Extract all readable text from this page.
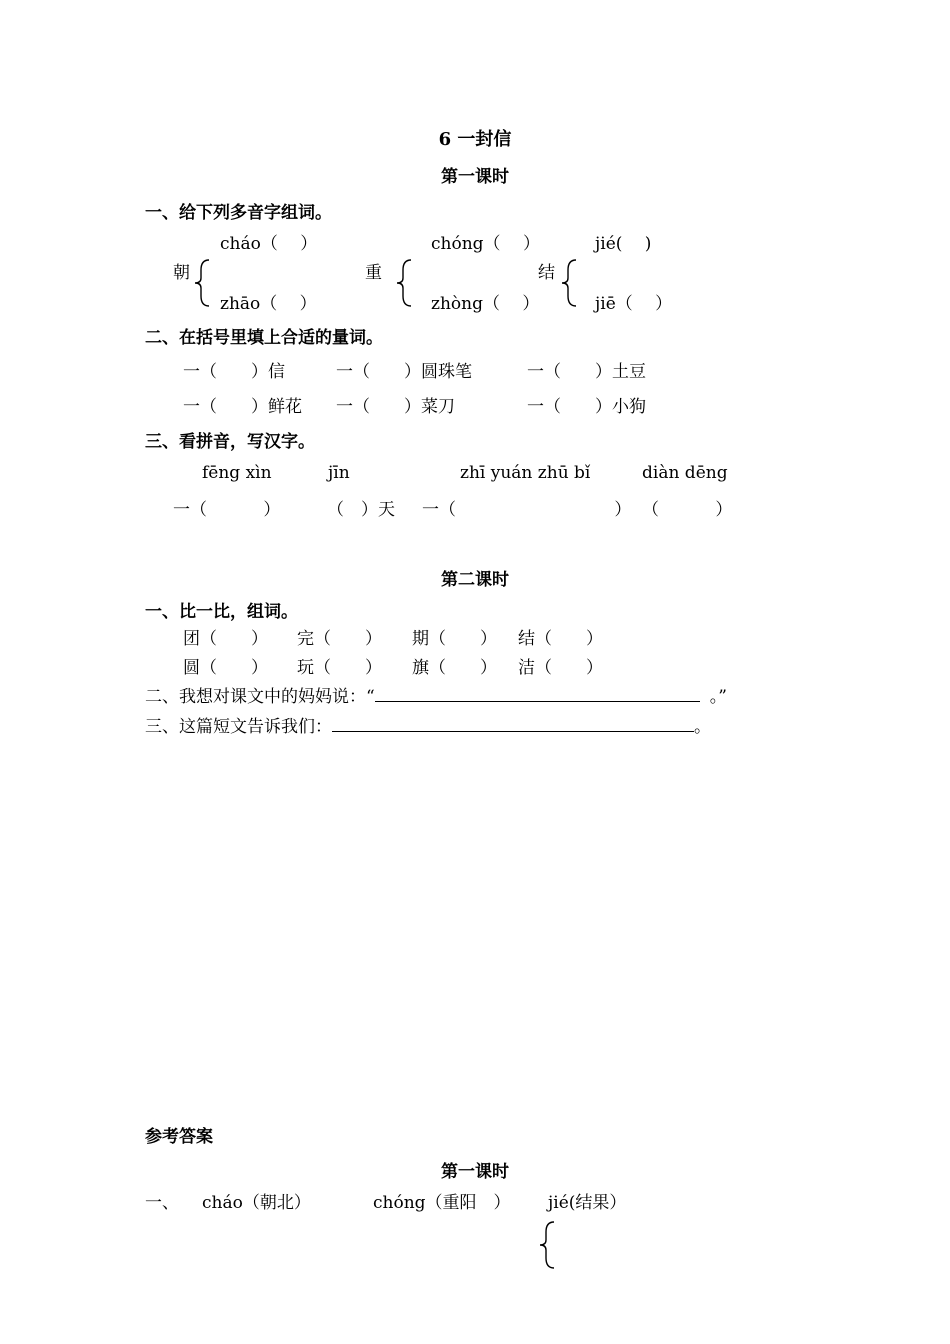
6 一封信
第一课时
一、给下列多音字组词。
朝
cháo（　 ）
zhāo（　 ）
重
chóng（　 ）
zhòng（　 ）
结
jié(　 )
jiē（　 ）
二、在括号里填上合适的量词。
一（　　）信	一（　　）圆珠笔	一（　　）土豆
一（　　）鲜花 一（　　）菜刀	一（　　）小狗
三、看拼音，写汉字。
fēng xìn	jīn	zhī yuán zhū bǐ	diàn dēng
一（　　　 ）	（　）天 一（　　　　　　　　　 ） （　　　 ）
第二课时
一、比一比，组词。
团（　　） 完（　　） 期（　　） 结（　　）
圆（　　） 玩（　　） 旗（　　） 洁（　　）
二、我想对课文中的妈妈说：“	。”
三、这篇短文告诉我们：	。
参考答案
第一课时
一、 cháo（朝北）	chóng（重阳　） jié(结果）
